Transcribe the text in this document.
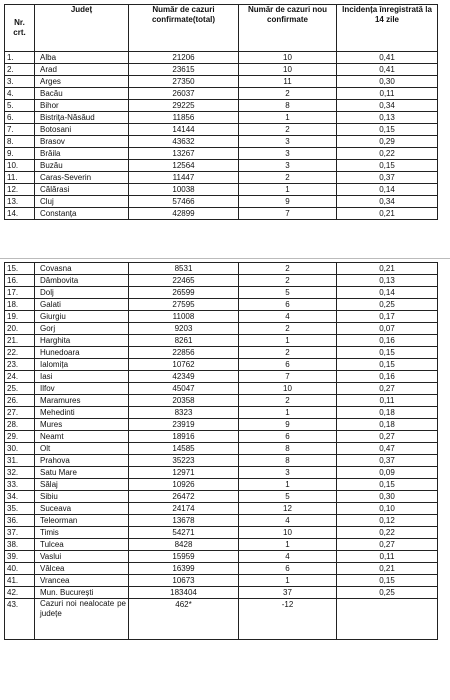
Nr. crt.	Județ	Număr de cazuri confirmate(total)	Număr de cazuri nou confirmate	Incidența înregistrată la 14 zile
1.	Alba	21206	10	0,41
2.	Arad	23615	10	0,41
3.	Arges	27350	11	0,30
4.	Bacău	26037	2	0,11
5.	Bihor	29225	8	0,34
6.	Bistrița-Năsăud	11856	1	0,13
7.	Botosani	14144	2	0,15
8.	Brasov	43632	3	0,29
9.	Brăila	13267	3	0,22
10.	Buzău	12564	3	0,15
11.	Caras-Severin	11447	2	0,37
12.	Călărasi	10038	1	0,14
13.	Cluj	57466	9	0,34
14.	Constanța	42899	7	0,21
15.	Covasna	8531	2	0,21
16.	Dâmbovita	22465	2	0,13
17.	Dolj	26599	5	0,14
18.	Galati	27595	6	0,25
19.	Giurgiu	11008	4	0,17
20.	Gorj	9203	2	0,07
21.	Harghita	8261	1	0,16
22.	Hunedoara	22856	2	0,15
23.	Ialomița	10762	6	0,15
24.	Iasi	42349	7	0,16
25.	Ilfov	45047	10	0,27
26.	Maramures	20358	2	0,11
27.	Mehedinti	8323	1	0,18
28.	Mures	23919	9	0,18
29.	Neamt	18916	6	0,27
30.	Olt	14585	8	0,47
31.	Prahova	35223	8	0,37
32.	Satu Mare	12971	3	0,09
33.	Sălaj	10926	1	0,15
34.	Sibiu	26472	5	0,30
35.	Suceava	24174	12	0,10
36.	Teleorman	13678	4	0,12
37.	Timis	54271	10	0,22
38.	Tulcea	8428	1	0,27
39.	Vaslui	15959	4	0,11
40.	Vâlcea	16399	6	0,21
41.	Vrancea	10673	1	0,15
42.	Mun. București	183404	37	0,25
43.	Cazuri noi nealocate pe județe	462*	-12	
